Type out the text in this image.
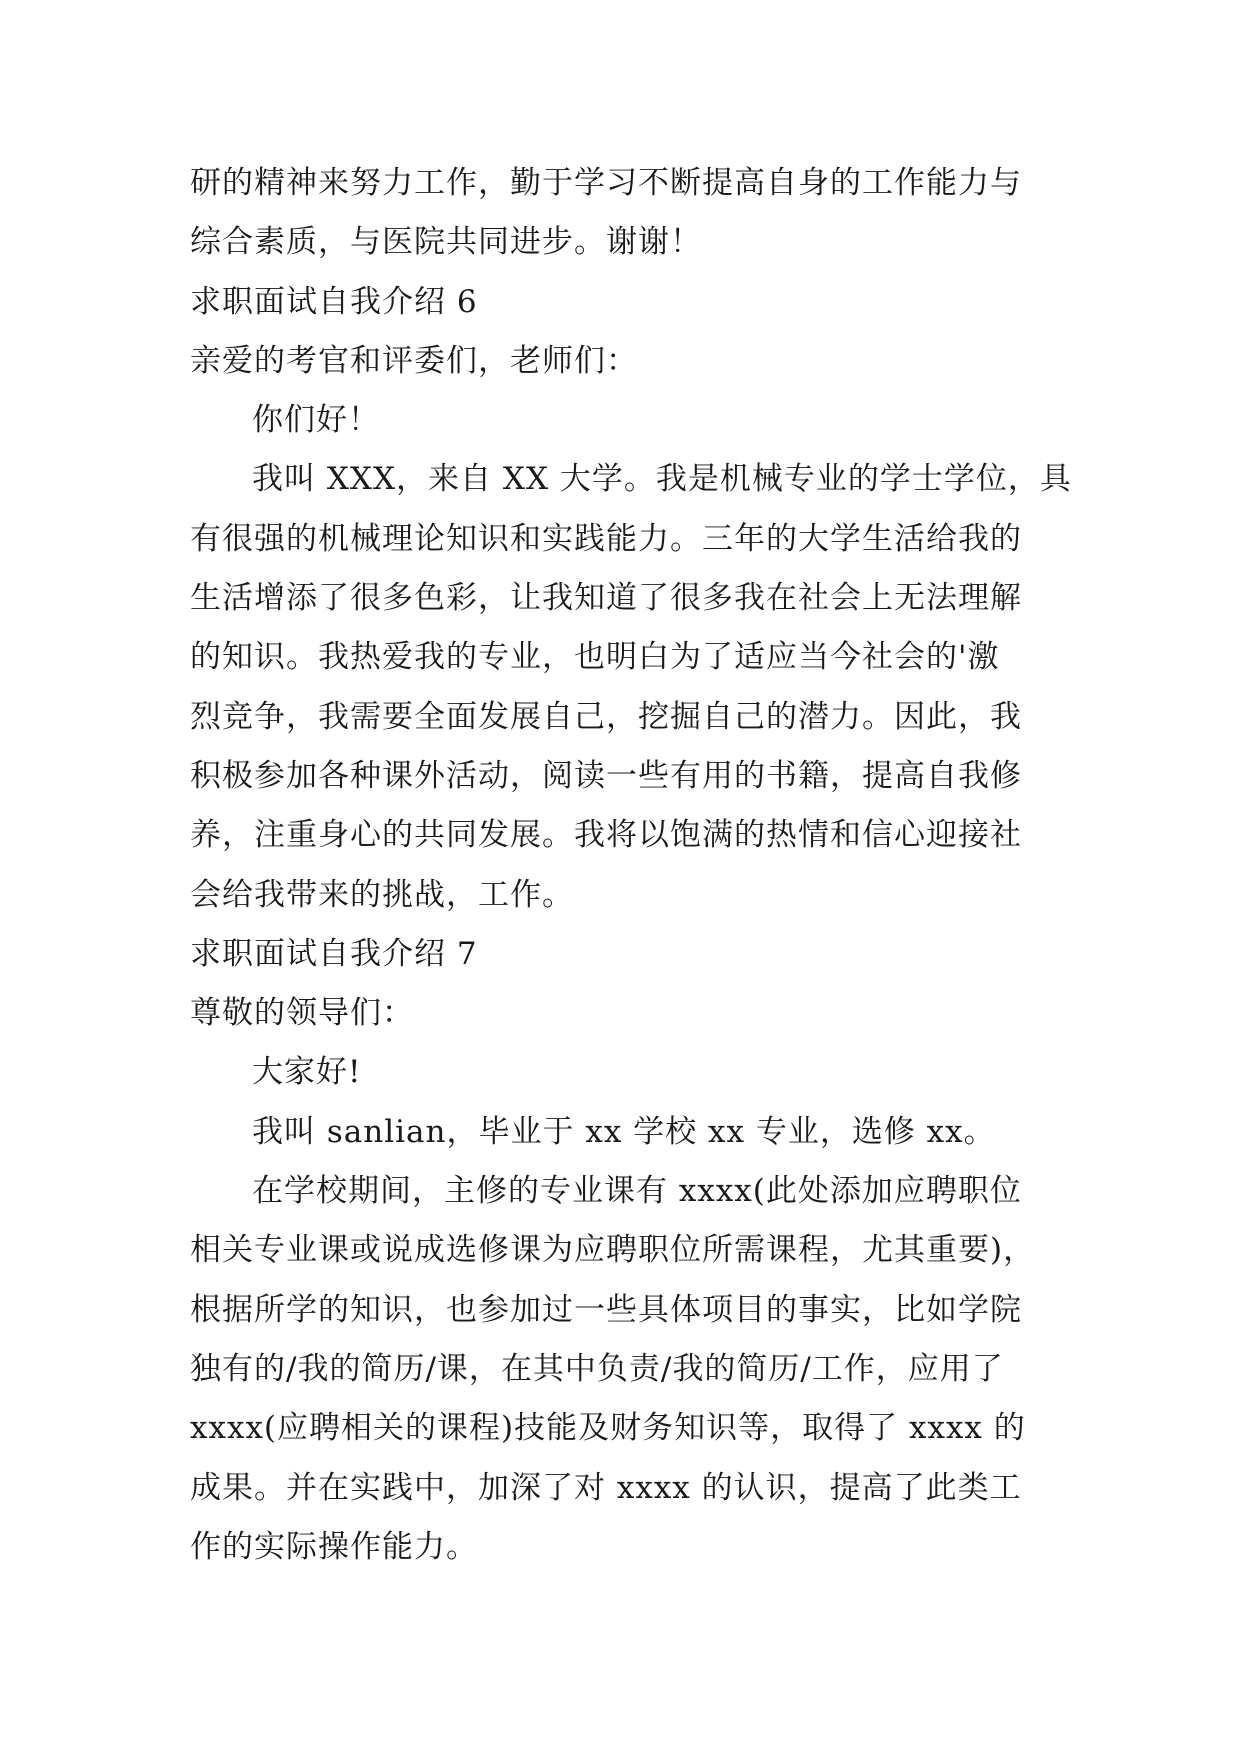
研的精神来努力工作，勤于学习不断提高自身的工作能力与
综合素质，与医院共同进步。谢谢！
求职面试自我介绍 6
亲爱的考官和评委们，老师们：
你们好！
我叫 XXX，来自 XX 大学。我是机械专业的学士学位，具
有很强的机械理论知识和实践能力。三年的大学生活给我的
生活增添了很多色彩，让我知道了很多我在社会上无法理解
的知识。我热爱我的专业，也明白为了适应当今社会的'激
烈竞争，我需要全面发展自己，挖掘自己的潜力。因此，我
积极参加各种课外活动，阅读一些有用的书籍，提高自我修
养，注重身心的共同发展。我将以饱满的热情和信心迎接社
会给我带来的挑战，工作。
求职面试自我介绍 7
尊敬的领导们：
大家好!
我叫 sanlian，毕业于 xx 学校 xx 专业，选修 xx。
在学校期间，主修的专业课有 xxxx(此处添加应聘职位
相关专业课或说成选修课为应聘职位所需课程，尤其重要)，
根据所学的知识，也参加过一些具体项目的事实，比如学院
独有的/我的简历/课，在其中负责/我的简历/工作，应用了
xxxx(应聘相关的课程)技能及财务知识等，取得了 xxxx 的
成果。并在实践中，加深了对 xxxx 的认识，提高了此类工
作的实际操作能力。
